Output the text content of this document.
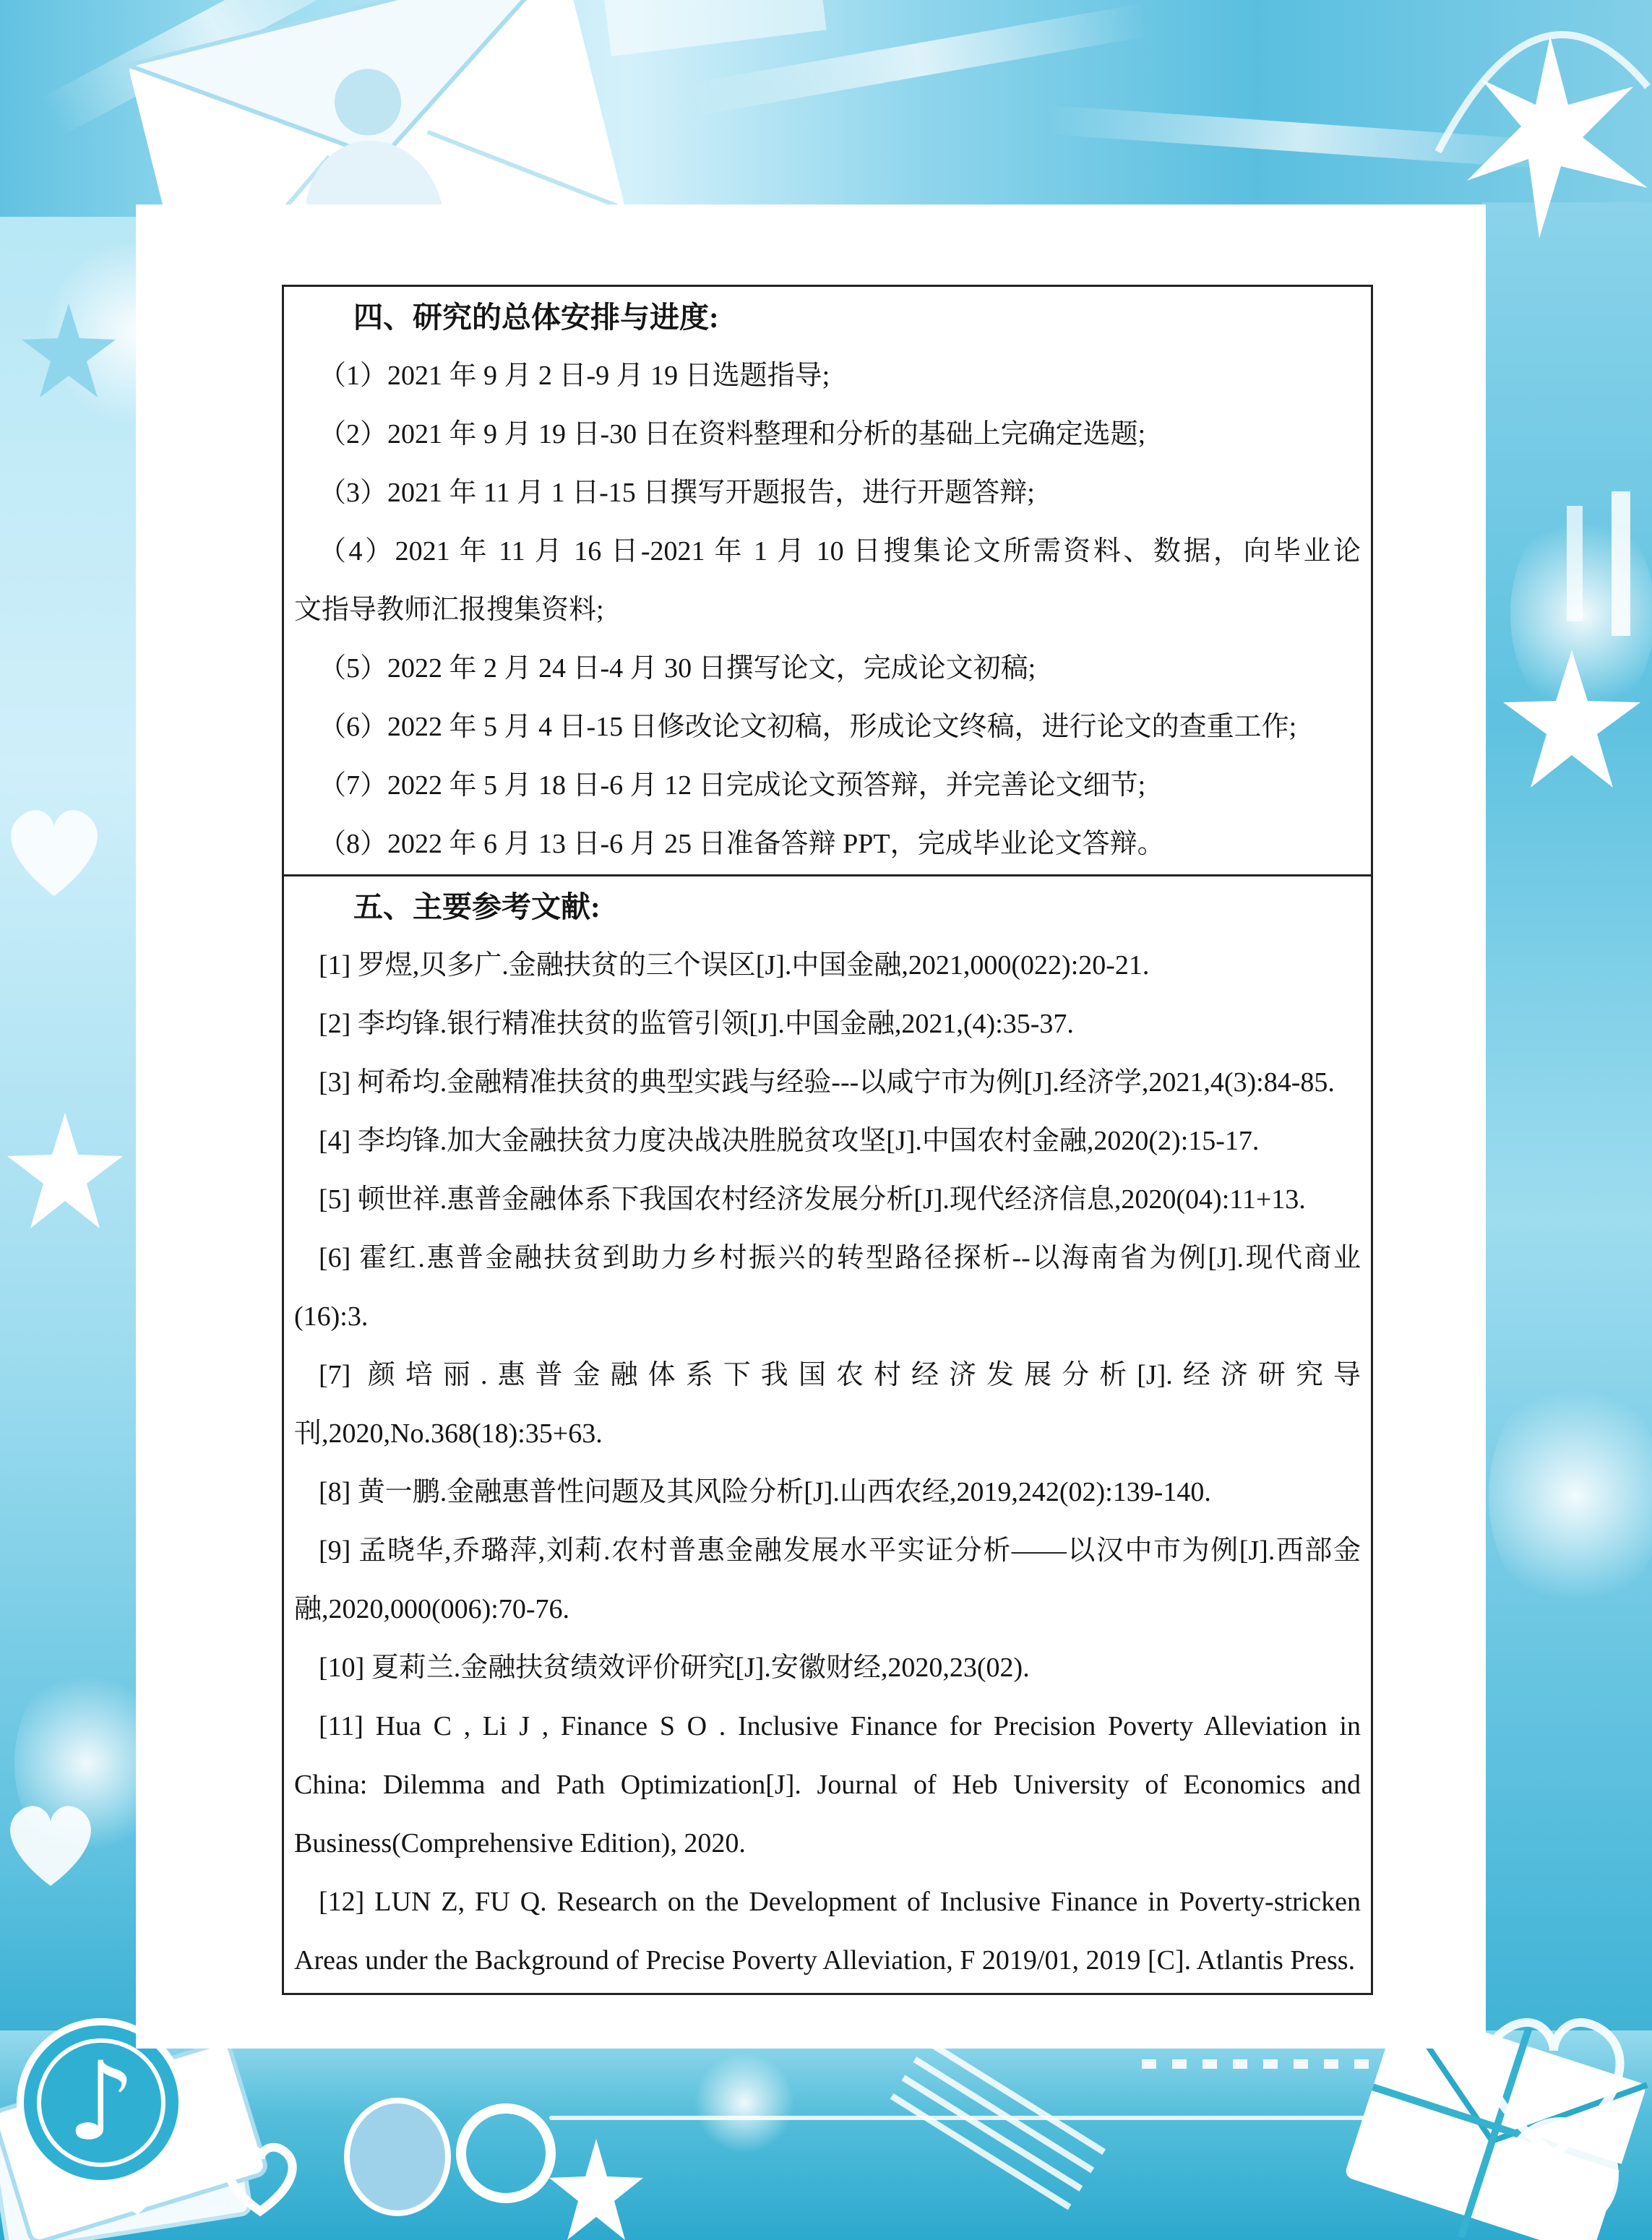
♪
四、研究的总体安排与进度:
（1）2021 年 9 月 2 日-9 月 19 日选题指导;
（2）2021 年 9 月 19 日-30 日在资料整理和分析的基础上完确定选题;
（3）2021 年 11 月 1 日-15 日撰写开题报告，进行开题答辩;
（4）2021 年 11 月 16 日-2021 年 1 月 10 日搜集论文所需资料、数据，向毕业论
文指导教师汇报搜集资料;
（5）2022 年 2 月 24 日-4 月 30 日撰写论文，完成论文初稿;
（6）2022 年 5 月 4 日-15 日修改论文初稿，形成论文终稿，进行论文的查重工作;
（7）2022 年 5 月 18 日-6 月 12 日完成论文预答辩，并完善论文细节;
（8）2022 年 6 月 13 日-6 月 25 日准备答辩 PPT，完成毕业论文答辩。
五、主要参考文献:
[1] 罗煜,贝多广.金融扶贫的三个误区[J].中国金融,2021,000(022):20-21.
[2] 李均锋.银行精准扶贫的监管引领[J].中国金融,2021,(4):35-37.
[3] 柯希均.金融精准扶贫的典型实践与经验---以咸宁市为例[J].经济学,2021,4(3):84-85.
[4] 李均锋.加大金融扶贫力度决战决胜脱贫攻坚[J].中国农村金融,2020(2):15-17.
[5] 顿世祥.惠普金融体系下我国农村经济发展分析[J].现代经济信息,2020(04):11+13.
[6] 霍红.惠普金融扶贫到助力乡村振兴的转型路径探析--以海南省为例[J].现代商业
(16):3.
[7] 颜培丽.惠普金融体系下我国农村经济发展分析[J].经济研究导
刊,2020,No.368(18):35+63.
[8] 黄一鹏.金融惠普性问题及其风险分析[J].山西农经,2019,242(02):139-140.
[9] 孟晓华,乔璐萍,刘莉.农村普惠金融发展水平实证分析——以汉中市为例[J].西部金
融,2020,000(006):70-76.
[10] 夏莉兰.金融扶贫绩效评价研究[J].安徽财经,2020,23(02).
[11] Hua C , Li J , Finance S O . Inclusive Finance for Precision Poverty Alleviation in
China: Dilemma and Path Optimization[J]. Journal of Heb University of Economics and
Business(Comprehensive Edition), 2020.
[12] LUN Z, FU Q. Research on the Development of Inclusive Finance in Poverty-stricken
Areas under the Background of Precise Poverty Alleviation, F 2019/01, 2019 [C]. Atlantis Press.
